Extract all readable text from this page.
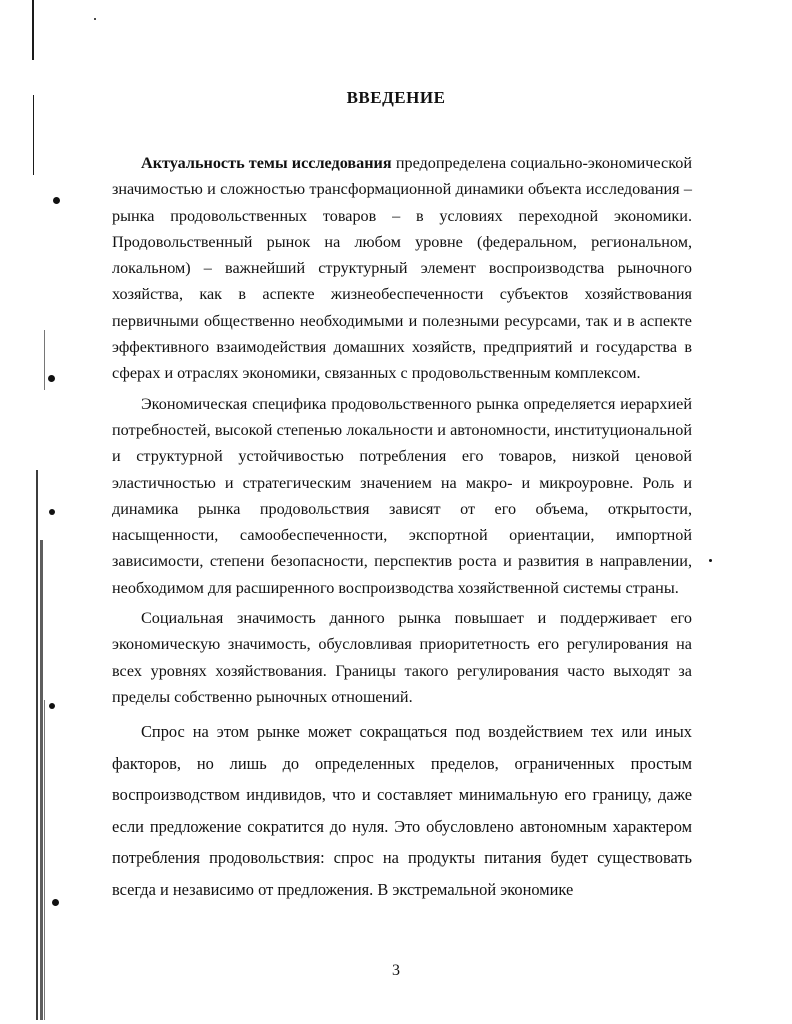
ВВЕДЕНИЕ

Актуальность темы исследования предопределена социально-экономической значимостью и сложностью трансформационной динамики объекта исследования – рынка продовольственных товаров – в условиях переходной экономики. Продовольственный рынок на любом уровне (федеральном, региональном, локальном) – важнейший структурный элемент воспроизводства рыночного хозяйства, как в аспекте жизнеобеспеченности субъектов хозяйствования первичными общественно необходимыми и полезными ресурсами, так и в аспекте эффективного взаимодействия домашних хозяйств, предприятий и государства в сферах и отраслях экономики, связанных с продовольственным комплексом.

Экономическая специфика продовольственного рынка определяется иерархией потребностей, высокой степенью локальности и автономности, институциональной и структурной устойчивостью потребления его товаров, низкой ценовой эластичностью и стратегическим значением на макро- и микроуровне. Роль и динамика рынка продовольствия зависят от его объема, открытости, насыщенности, самообеспеченности, экспортной ориентации, импортной зависимости, степени безопасности, перспектив роста и развития в направлении, необходимом для расширенного воспроизводства хозяйственной системы страны.

Социальная значимость данного рынка повышает и поддерживает его экономическую значимость, обусловливая приоритетность его регулирования на всех уровнях хозяйствования. Границы такого регулирования часто выходят за пределы собственно рыночных отношений.

Спрос на этом рынке может сокращаться под воздействием тех или иных факторов, но лишь до определенных пределов, ограниченных простым воспроизводством индивидов, что и составляет минимальную его границу, даже если предложение сократится до нуля. Это обусловлено автономным характером потребления продовольствия: спрос на продукты питания будет существовать всегда и независимо от предложения. В экстремальной экономике

3
